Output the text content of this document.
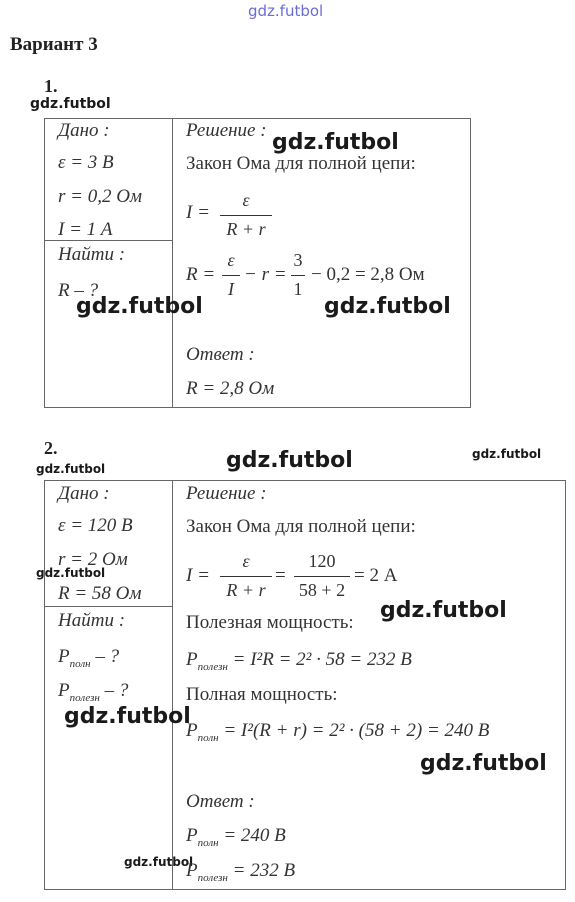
gdz.futbol
Вариант 3
1.
gdz.futbol
Дано :
ε = 3 В
r = 0,2 Ом
I = 1 А
Найти :
R – ?
Решение : gdz.futbol
Закон Ома для полной цепи:
I =
ε
R + r
R =
ε
I
− r =
3
1
− 0,2 = 2,8 Ом
gdz.futbol	gdz.futbol
Ответ :
R = 2,8 Ом
2.
gdz.futbol	gdz.futbol	gdz.futbol
Дано :
ε = 120 В
r = 2 Ом
gdz.futbol
R = 58 Ом
Найти :
$P_{полн}$ – ?
$P_{полезн}$ – ?
gdz.futbol
Решение :
Закон Ома для полной цепи:
I =
ε
R + r
=
120
58 + 2
= 2 А
gdz.futbol
Полезная мощность:
$P_{полезн} = I^2R = 2^2 \cdot 58 = 232$ В
Полная мощность:
$P_{полн} = I^2(R + r) = 2^2 \cdot (58 + 2) = 240$ В
gdz.futbol
Ответ :
$P_{полн} = 240$ В
gdz.futbol
$P_{полезн} = 232$ В
